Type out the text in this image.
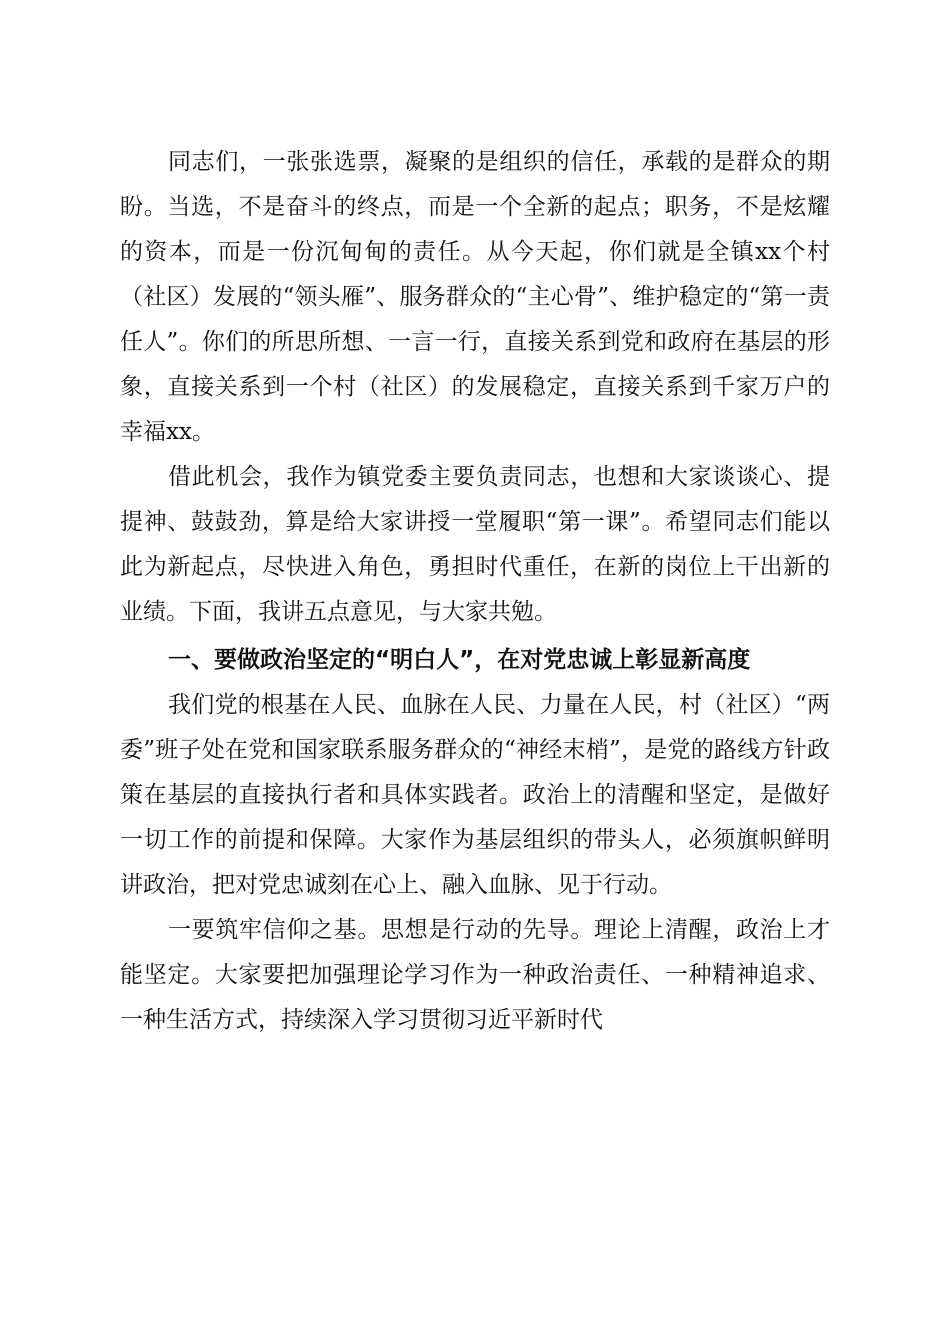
同志们，一张张选票，凝聚的是组织的信任，承载的是群众的期盼。当选，不是奋斗的终点，而是一个全新的起点；职务，不是炫耀的资本，而是一份沉甸甸的责任。从今天起，你们就是全镇xx个村（社区）发展的“领头雁”、服务群众的“主心骨”、维护稳定的“第一责任人”。你们的所思所想、一言一行，直接关系到党和政府在基层的形象，直接关系到一个村（社区）的发展稳定，直接关系到千家万户的幸福xx。

借此机会，我作为镇党委主要负责同志，也想和大家谈谈心、提提神、鼓鼓劲，算是给大家讲授一堂履职“第一课”。希望同志们能以此为新起点，尽快进入角色，勇担时代重任，在新的岗位上干出新的业绩。下面，我讲五点意见，与大家共勉。

一、要做政治坚定的“明白人”，在对党忠诚上彰显新高度

我们党的根基在人民、血脉在人民、力量在人民，村（社区）“两委”班子处在党和国家联系服务群众的“神经末梢”，是党的路线方针政策在基层的直接执行者和具体实践者。政治上的清醒和坚定，是做好一切工作的前提和保障。大家作为基层组织的带头人，必须旗帜鲜明讲政治，把对党忠诚刻在心上、融入血脉、见于行动。

一要筑牢信仰之基。思想是行动的先导。理论上清醒，政治上才能坚定。大家要把加强理论学习作为一种政治责任、一种精神追求、一种生活方式，持续深入学习贯彻习近平新时代
